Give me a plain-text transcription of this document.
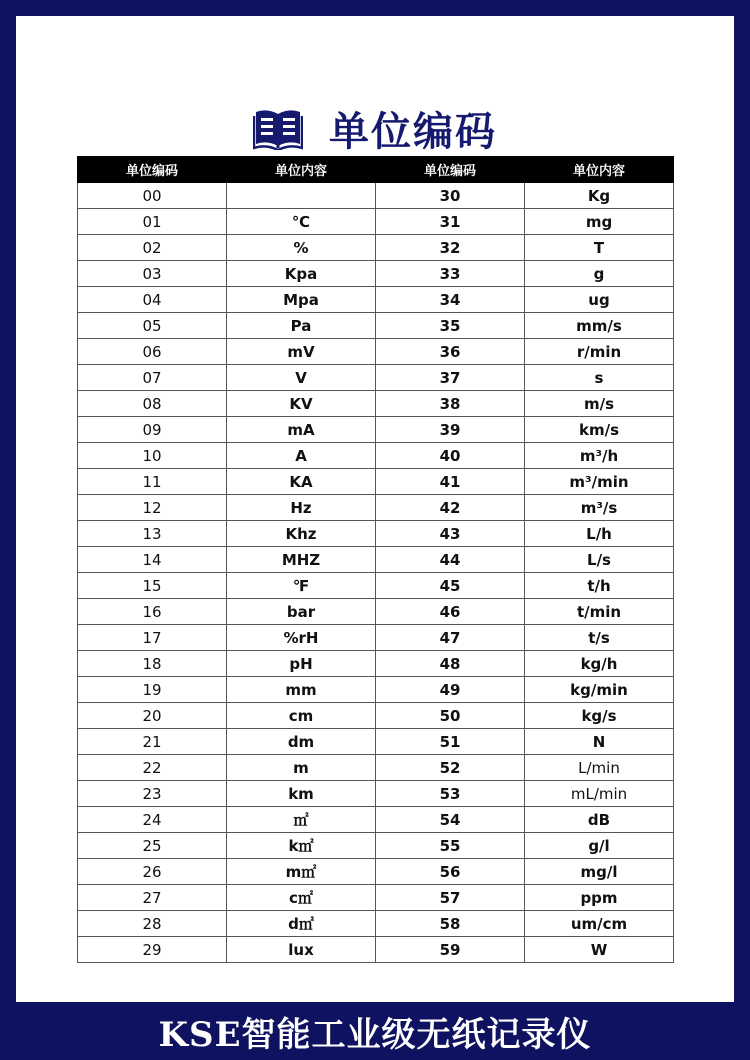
单位编码
单位编码	单位内容	单位编码	单位内容
00		30	Kg
01	℃	31	mg
02	%	32	T
03	Kpa	33	g
04	Mpa	34	ug
05	Pa	35	mm/s
06	mV	36	r/min
07	V	37	s
08	KV	38	m/s
09	mA	39	km/s
10	A	40	m³/h
11	KA	41	m³/min
12	Hz	42	m³/s
13	Khz	43	L/h
14	MHZ	44	L/s
15	℉	45	t/h
16	bar	46	t/min
17	%rH	47	t/s
18	pH	48	kg/h
19	mm	49	kg/min
20	cm	50	kg/s
21	dm	51	N
22	m	52	L/min
23	km	53	mL/min
24	㎡	54	dB
25	k㎡	55	g/l
26	m㎡	56	mg/l
27	c㎡	57	ppm
28	d㎡	58	um/cm
29	lux	59	W
KSE智能工业级无纸记录仪
